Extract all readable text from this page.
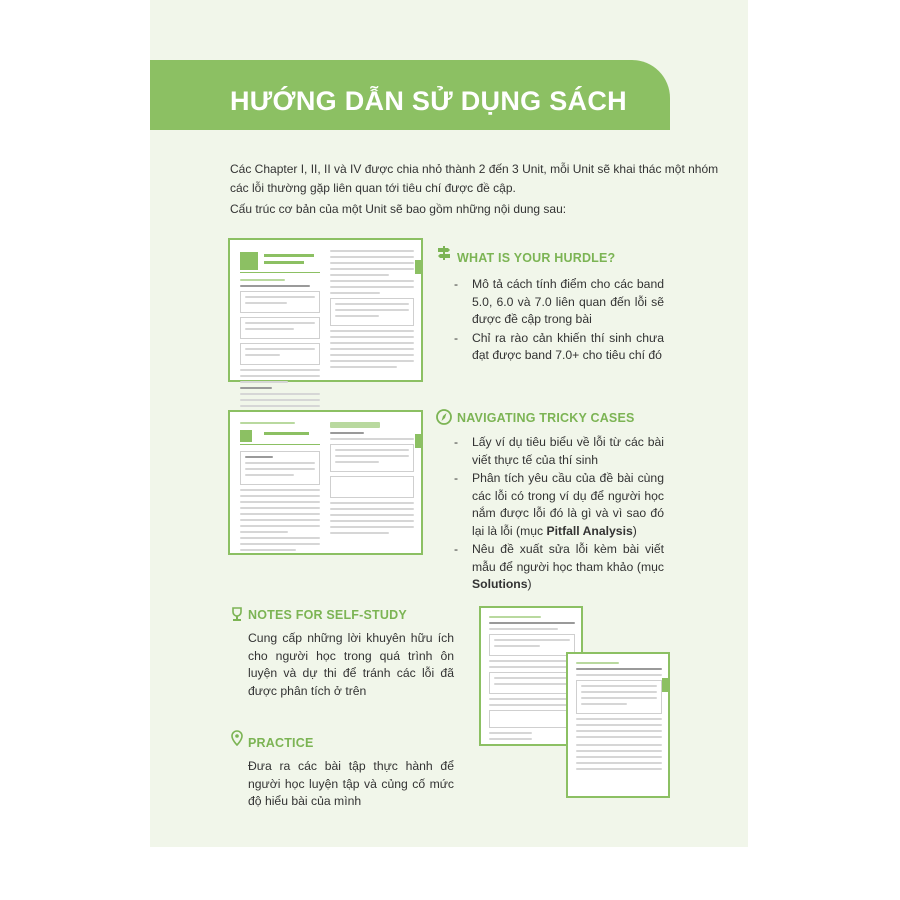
HƯỚNG DẪN SỬ DỤNG SÁCH
Các Chapter I, II, II và IV được chia nhỏ thành 2 đến 3 Unit, mỗi Unit sẽ khai thác một nhóm
các lỗi thường gặp liên quan tới tiêu chí được đề cập.
Cấu trúc cơ bản của một Unit sẽ bao gồm những nội dung sau:
WHAT IS YOUR HURDLE?
- Mô tả cách tính điểm cho các band 5.0, 6.0 và 7.0 liên quan đến lỗi sẽ được đề cập trong bài
- Chỉ ra rào cản khiến thí sinh chưa đạt được band 7.0+ cho tiêu chí đó
NAVIGATING TRICKY CASES
- Lấy ví dụ tiêu biểu về lỗi từ các bài viết thực tế của thí sinh
- Phân tích yêu cầu của đề bài cùng các lỗi có trong ví dụ để người học nắm được lỗi đó là gì và vì sao đó lại là lỗi (mục Pitfall Analysis)
- Nêu đề xuất sửa lỗi kèm bài viết mẫu để người học tham khảo (mục Solutions)
NOTES FOR SELF-STUDY
Cung cấp những lời khuyên hữu ích cho người học trong quá trình ôn luyện và dự thi để tránh các lỗi đã được phân tích ở trên
PRACTICE
Đưa ra các bài tập thực hành để người học luyện tập và củng cố mức độ hiểu bài của mình
